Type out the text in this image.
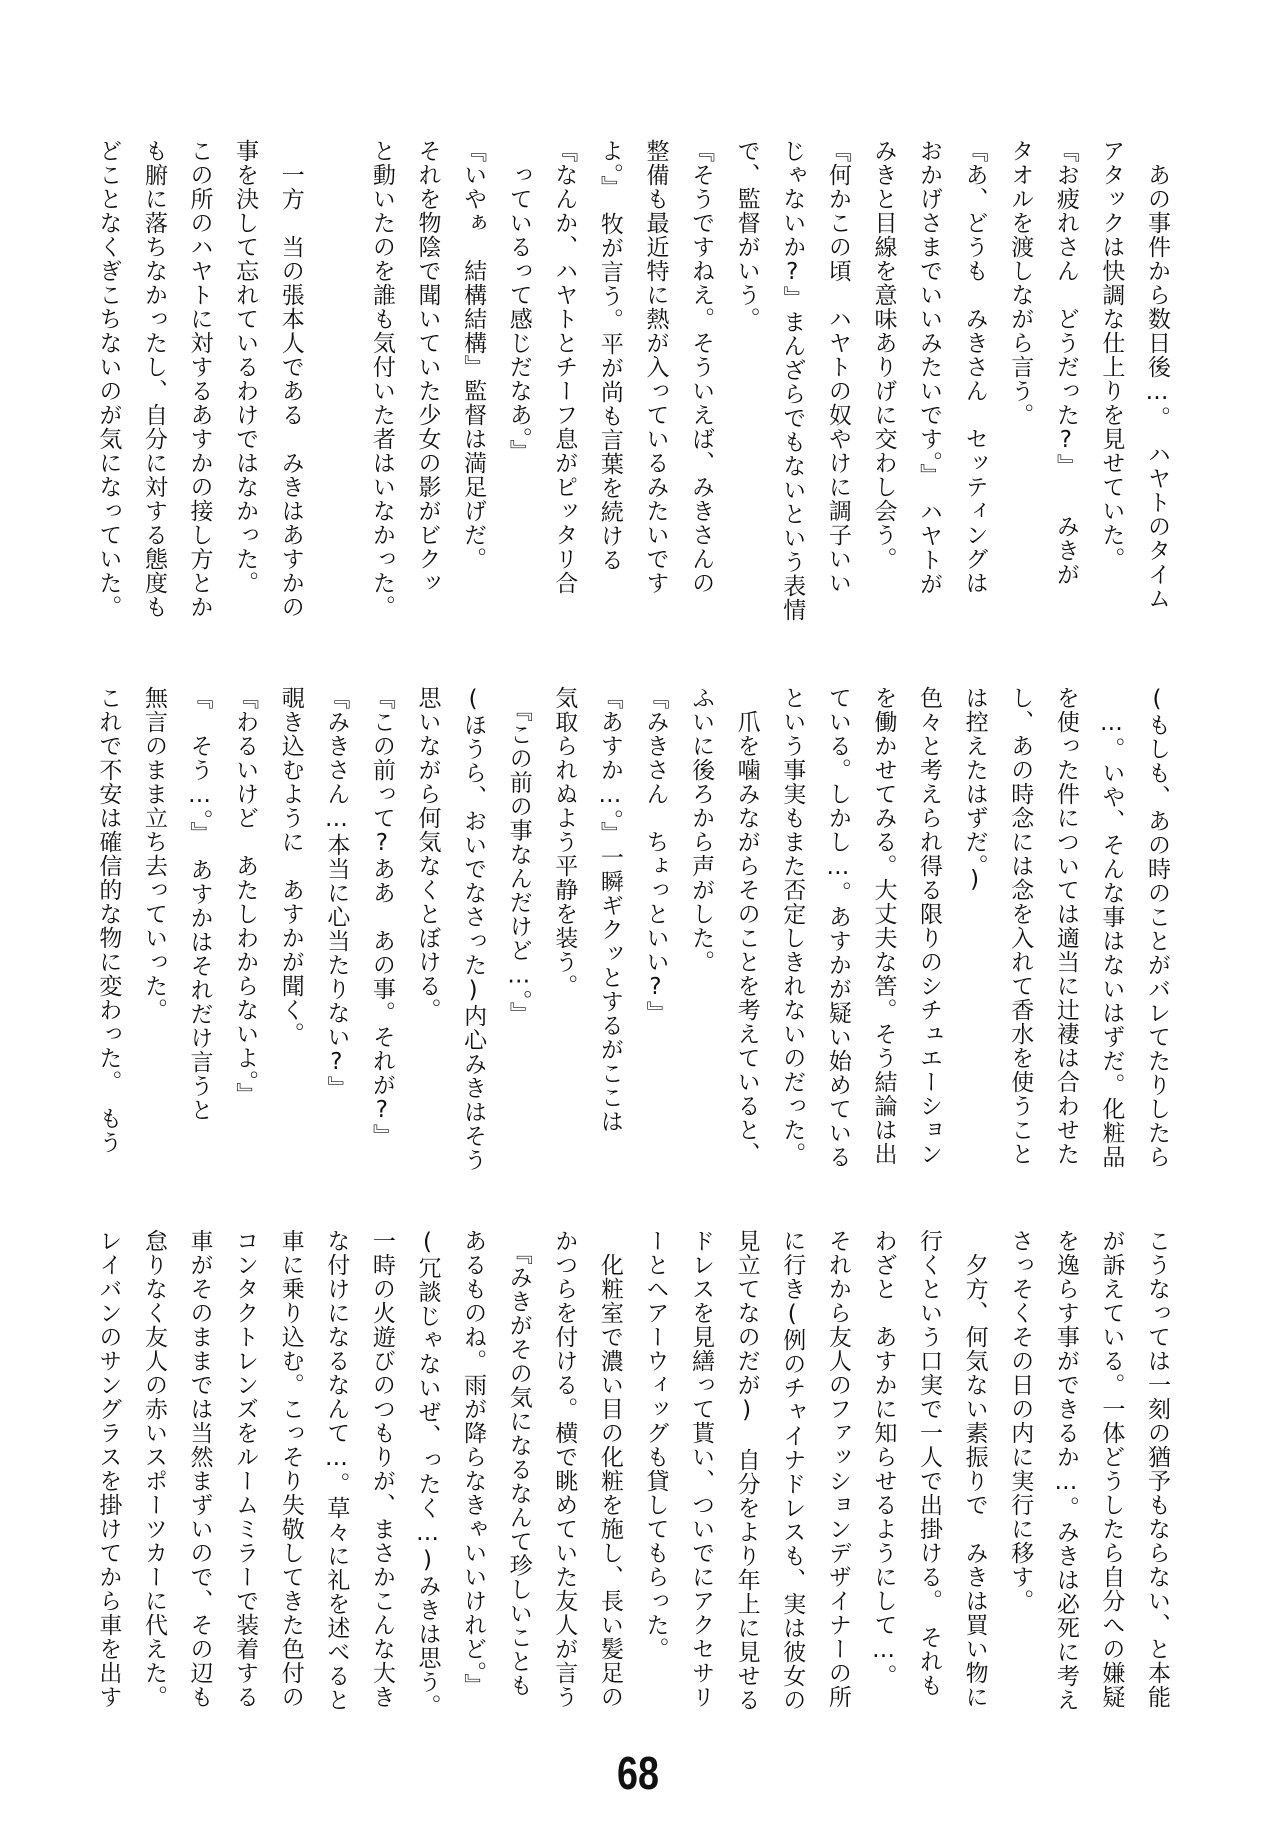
　あの事件から数日後…。　ハヤトのタイム
アタックは快調な仕上りを見せていた。
『お疲れさん　どうだった?』　　みきが
タオルを渡しながら言う。
『あ、どうも　みきさん　セッティングは
おかげさまでいいみたいです。』　ハヤトが
みきと目線を意味ありげに交わし会う。
『何かこの頃　ハヤトの奴やけに調子いい
じゃないか?』まんざらでもないという表情
で、監督がいう。
『そうですねえ。そういえば、みきさんの
整備も最近特に熱が入っているみたいです
よ。』　牧が言う。平が尚も言葉を続ける
『なんか、ハヤトとチーフ息がピッタリ合
　っているって感じだなあ。』
『いやぁ　結構結構』監督は満足げだ。
それを物陰で聞いていた少女の影がビクッ
と動いたのを誰も気付いた者はいなかった。
　一方　当の張本人である　みきはあすかの
事を決して忘れているわけではなかった。
この所のハヤトに対するあすかの接し方とか
も腑に落ちなかったし、自分に対する態度も
どことなくぎこちないのが気になっていた。
(もしも、あの時のことがバレてたりしたら
　…。いや、そんな事はないはずだ。化粧品
を使った件については適当に辻褄は合わせた
し、あの時念には念を入れて香水を使うこと
は控えたはずだ。)
色々と考えられ得る限りのシチュエーション
を働かせてみる。大丈夫な筈。そう結論は出
ている。しかし…。あすかが疑い始めている
という事実もまた否定しきれないのだった。
　爪を噛みながらそのことを考えていると、
ふいに後ろから声がした。
『みきさん　ちょっといい?』
『あすか…。』一瞬ギクッとするがここは
気取られぬよう平静を装う。
　『この前の事なんだけど…。』
(ほうら、おいでなさった)内心みきはそう
思いながら何気なくとぼける。
『この前って?ああ　あの事。それが?』
『みきさん…本当に心当たりない?』
覗き込むように　あすかが聞く。
『わるいけど　あたしわからないよ。』
『　そう…。』　あすかはそれだけ言うと
無言のまま立ち去っていった。
これで不安は確信的な物に変わった。　もう
こうなっては一刻の猶予もならない、と本能
が訴えている。一体どうしたら自分への嫌疑
を逸らす事ができるか…。みきは必死に考え
さっそくその日の内に実行に移す。
　夕方、何気ない素振りで　みきは買い物に
行くという口実で一人で出掛ける。　それも
わざと　あすかに知らせるようにして…。
それから友人のファッションデザイナーの所
に行き(例のチャイナドレスも、実は彼女の
見立てなのだが)　自分をより年上に見せる
ドレスを見繕って貰い、ついでにアクセサリ
ーとヘアーウィッグも貸してもらった。
　化粧室で濃い目の化粧を施し、長い髪足の
かつらを付ける。横で眺めていた友人が言う
　『みきがその気になるなんて珍しいことも
あるものね。雨が降らなきゃいいけれど。』
(冗談じゃないぜ、ったく…)みきは思う。
一時の火遊びのつもりが、まさかこんな大き
な付けになるなんて…。草々に礼を述べると
車に乗り込む。こっそり失敬してきた色付の
コンタクトレンズをルームミラーで装着する
車がそのままでは当然まずいので、その辺も
怠りなく友人の赤いスポーツカーに代えた。
レイバンのサングラスを掛けてから車を出す
68
